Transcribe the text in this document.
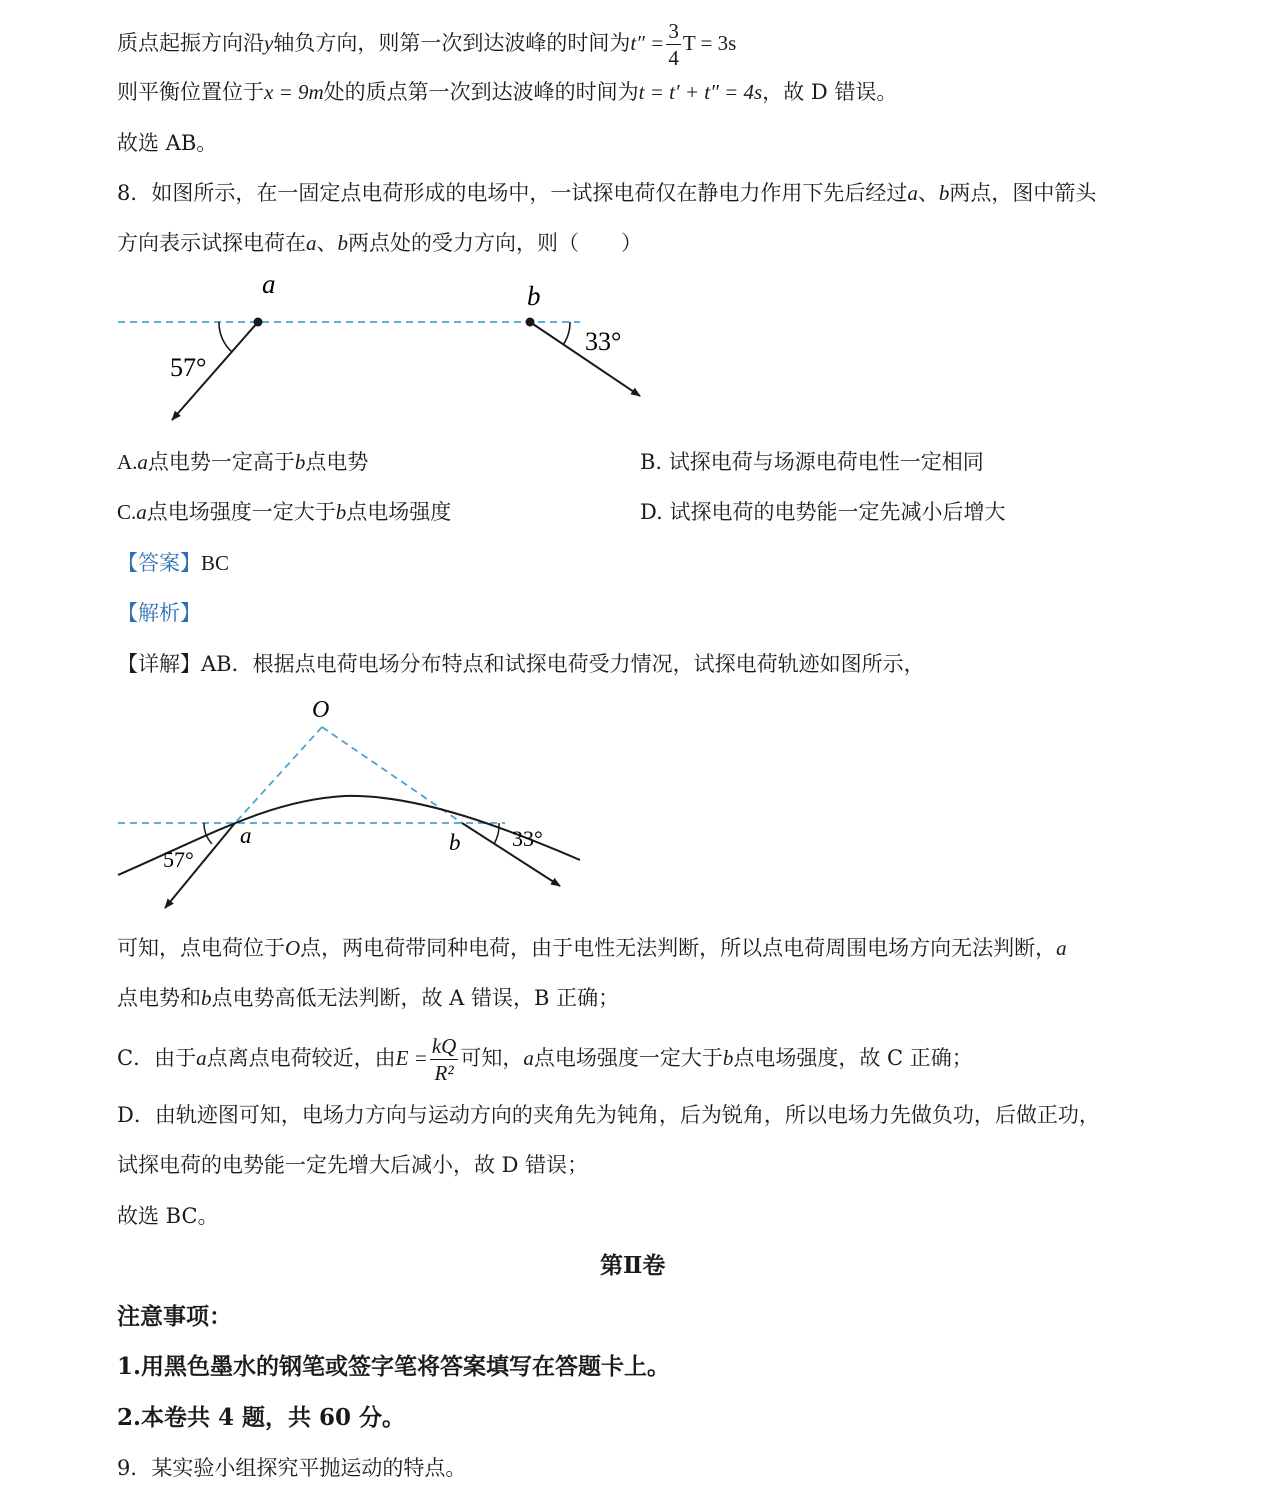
质点起振方向沿y轴负方向，则第一次到达波峰的时间为$t'' = \frac{3}{4}$ T = 3s
则平衡位置位于x = 9m处的质点第一次到达波峰的时间为t = t′ + t″ = 4s，故 D 错误。
故选 AB。
8．如图所示，在一固定点电荷形成的电场中，一试探电荷仅在静电力作用下先后经过a、b两点，图中箭头
方向表示试探电荷在a、b两点处的受力方向，则（　　）
a	b
57°
33°
A.a点电势一定高于b点电势	B. 试探电荷与场源电荷电性一定相同
C.a点电场强度一定大于b点电场强度	D. 试探电荷的电势能一定先减小后增大
【答案】BC
【解析】
【详解】AB．根据点电荷电场分布特点和试探电荷受力情况，试探电荷轨迹如图所示，
O
a	b
57°
33°
可知，点电荷位于O点，两电荷带同种电荷，由于电性无法判断，所以点电荷周围电场方向无法判断，a
点电势和b点电势高低无法判断，故 A 错误，B 正确；
C．由于a点离点电荷较近，由$E = \frac{kQ}{\text{R²}}$ 可知，a点电场强度一定大于b点电场强度，故 C 正确；
D．由轨迹图可知，电场力方向与运动方向的夹角先为钝角，后为锐角，所以电场力先做负功，后做正功，
试探电荷的电势能一定先增大后减小，故 D 错误；
故选 BC。
第Ⅱ卷
注意事项：
1.用黑色墨水的钢笔或签字笔将答案填写在答题卡上。
2.本卷共 4 题，共 60 分。
9．某实验小组探究平抛运动的特点。
